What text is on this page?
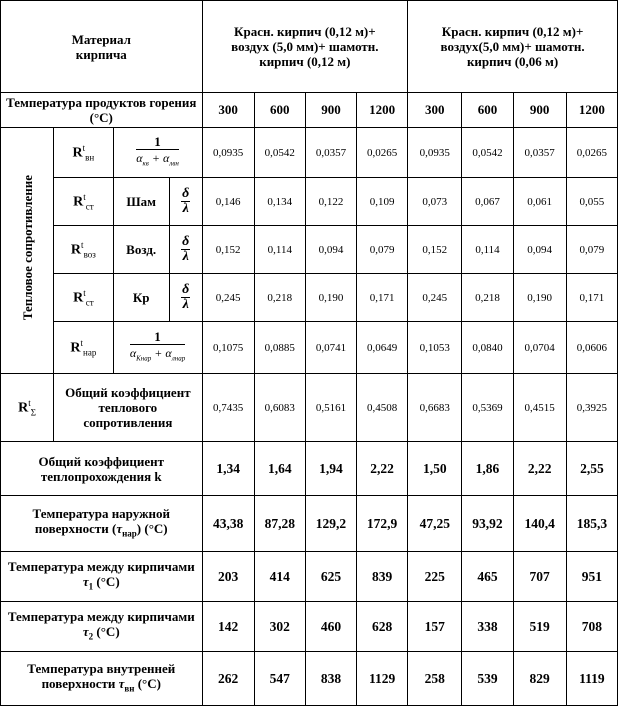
Материал кирпича				Красн. кирпич (0,12 м)+ воздух (5,0 мм)+ шамотн. кирпич (0,12 м)				Красн. кирпич (0,12 м)+ воздух(5,0 мм)+ шамотн. кирпич (0,06 м)			
Температура продуктов горения (°C)				300	600	900	1200	300	600	900	1200
Тепловое сопротивление	$R^t_{вн}$	$\frac{1}{\alpha_{кв} + \alpha_{лвн}}$		0,0935	0,0542	0,0357	0,0265	0,0935	0,0542	0,0357	0,0265
	$R^t_{ст}$	Шам	$\frac{\delta}{\lambda}$	0,146	0,134	0,122	0,109	0,073	0,067	0,061	0,055
	$R^t_{воз}$	Возд.	$\frac{\delta}{\lambda}$	0,152	0,114	0,094	0,079	0,152	0,114	0,094	0,079
	$R^t_{ст}$	Кр	$\frac{\delta}{\lambda}$	0,245	0,218	0,190	0,171	0,245	0,218	0,190	0,171
	$R^t_{нар}$	$\frac{1}{\alpha_{Кнар} + \alpha_{лнар}}$		0,1075	0,0885	0,0741	0,0649	0,1053	0,0840	0,0704	0,0606
$R^t_\Sigma$	Общий коэффициент теплового сопротивления			0,7435	0,6083	0,5161	0,4508	0,6683	0,5369	0,4515	0,3925
Общий коэффициент теплопрохождения k				1,34	1,64	1,94	2,22	1,50	1,86	2,22	2,55
Температура наружной поверхности $(\tau_{нар})$ (°C)				43,38	87,28	129,2	172,9	47,25	93,92	140,4	185,3
Температура между кирпичами $\tau_1$ (°C)				203	414	625	839	225	465	707	951
Температура между кирпичами $\tau_2$ (°C)				142	302	460	628	157	338	519	708
Температура внутренней поверхности $\tau_{вн}$ (°C)				262	547	838	1129	258	539	829	1119
